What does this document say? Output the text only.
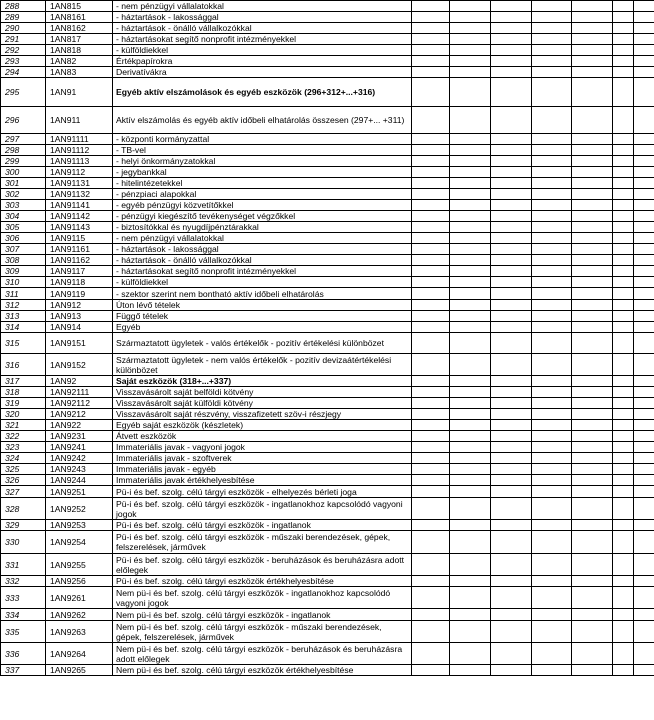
288	1AN815	- nem pénzügyi vállalatokkal							
289	1AN8161	- háztartások - lakossággal							
290	1AN8162	- háztartások - önálló vállalkozókkal							
291	1AN817	- háztartásokat segítő nonprofit intézményekkel							
292	1AN818	- külföldiekkel							
293	1AN82	Értékpapírokra							
294	1AN83	Derivatívákra							
295	1AN91	Egyéb aktív elszámolások és egyéb eszközök (296+312+...+316)							
296	1AN911	Aktív elszámolás és egyéb aktív időbeli elhatárolás összesen (297+... +311)							
297	1AN91111	- központi kormányzattal							
298	1AN91112	- TB-vel							
299	1AN91113	- helyi önkormányzatokkal							
300	1AN9112	- jegybankkal							
301	1AN91131	- hitelintézetekkel							
302	1AN91132	- pénzpiaci alapokkal							
303	1AN91141	- egyéb pénzügyi közvetítőkkel							
304	1AN91142	- pénzügyi kiegészítő tevékenységet végzőkkel							
305	1AN91143	- biztosítókkal és nyugdíjpénztárakkal							
306	1AN9115	- nem pénzügyi vállalatokkal							
307	1AN91161	- háztartások - lakossággal							
308	1AN91162	- háztartások - önálló vállalkozókkal							
309	1AN9117	- háztartásokat segítő nonprofit intézményekkel							
310	1AN9118	- külföldiekkel							
311	1AN9119	- szektor szerint nem bontható aktív időbeli elhatárolás							
312	1AN912	Úton lévő tételek							
313	1AN913	Függő tételek							
314	1AN914	Egyéb							
315	1AN9151	Származtatott ügyletek - valós értékelők - pozitív értékelési különbözet							
316	1AN9152	Származtatott ügyletek - nem valós értékelők - pozitív devizaátértékelési különbözet							
317	1AN92	Saját eszközök (318+...+337)							
318	1AN92111	Visszavásárolt saját belföldi kötvény							
319	1AN92112	Visszavásárolt saját külföldi kötvény							
320	1AN9212	Visszavásárolt saját részvény, visszafizetett szöv-i részjegy							
321	1AN922	Egyéb saját eszközök (készletek)							
322	1AN9231	Átvett eszközök							
323	1AN9241	Immateriális javak - vagyoni jogok							
324	1AN9242	Immateriális javak - szoftverek							
325	1AN9243	Immateriális javak - egyéb							
326	1AN9244	Immateriális javak értékhelyesbítése							
327	1AN9251	Pü-i és bef. szolg. célú tárgyi eszközök - elhelyezés bérleti joga							
328	1AN9252	Pü-i és bef. szolg. célú tárgyi eszközök - ingatlanokhoz kapcsolódó vagyoni jogok							
329	1AN9253	Pü-i és bef. szolg. célú tárgyi eszközök - ingatlanok							
330	1AN9254	Pü-i és bef. szolg. célú tárgyi eszközök - műszaki berendezések, gépek, felszerelések, járművek							
331	1AN9255	Pü-i és bef. szolg. célú tárgyi eszközök - beruházások és beruházásra adott előlegek							
332	1AN9256	Pü-i és bef. szolg. célú tárgyi eszközök értékhelyesbítése							
333	1AN9261	Nem pü-i és bef. szolg. célú tárgyi eszközök - ingatlanokhoz kapcsolódó vagyoni jogok							
334	1AN9262	Nem pü-i és bef. szolg. célú tárgyi eszközök - ingatlanok							
335	1AN9263	Nem pü-i és bef. szolg. célú tárgyi eszközök - műszaki berendezések, gépek, felszerelések, járművek							
336	1AN9264	Nem pü-i és bef. szolg. célú tárgyi eszközök - beruházások és beruházásra adott előlegek							
337	1AN9265	Nem pü-i és bef. szolg. célú tárgyi eszközök értékhelyesbítése							
